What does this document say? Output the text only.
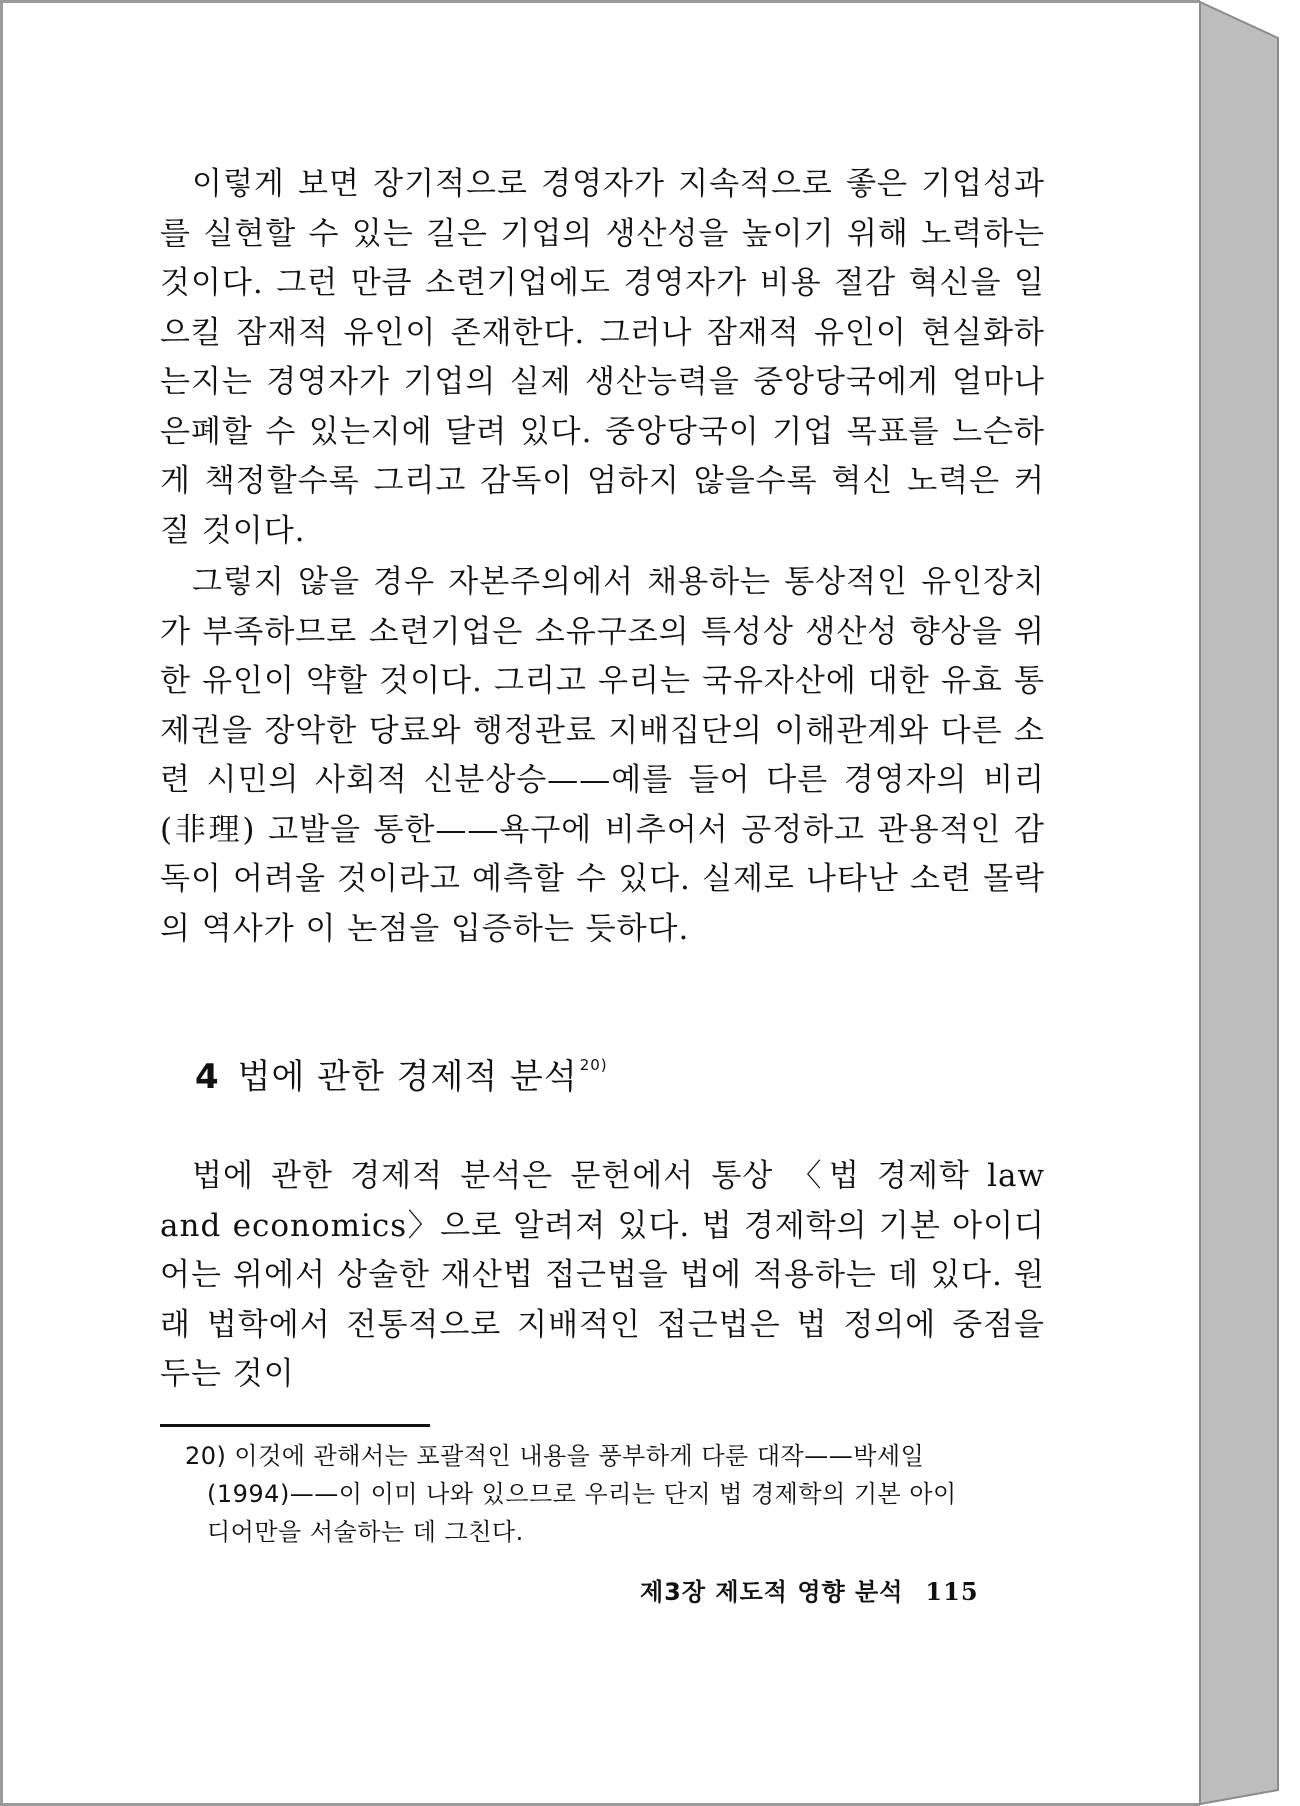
이렇게 보면 장기적으로 경영자가 지속적으로 좋은 기업성과를 실현할 수 있는 길은 기업의 생산성을 높이기 위해 노력하는 것이다. 그런 만큼 소련기업에도 경영자가 비용 절감 혁신을 일으킬 잠재적 유인이 존재한다. 그러나 잠재적 유인이 현실화하는지는 경영자가 기업의 실제 생산능력을 중앙당국에게 얼마나 은폐할 수 있는지에 달려 있다. 중앙당국이 기업 목표를 느슨하게 책정할수록 그리고 감독이 엄하지 않을수록 혁신 노력은 커질 것이다.

그렇지 않을 경우 자본주의에서 채용하는 통상적인 유인장치가 부족하므로 소련기업은 소유구조의 특성상 생산성 향상을 위한 유인이 약할 것이다. 그리고 우리는 국유자산에 대한 유효 통제권을 장악한 당료와 행정관료 지배집단의 이해관계와 다른 소련 시민의 사회적 신분상승——예를 들어 다른 경영자의 비리(非理) 고발을 통한——욕구에 비추어서 공정하고 관용적인 감독이 어려울 것이라고 예측할 수 있다. 실제로 나타난 소련 몰락의 역사가 이 논점을 입증하는 듯하다.

4 법에 관한 경제적 분석 $^{20)}$

법에 관한 경제적 분석은 문헌에서 통상 〈법 경제학 law and economics〉으로 알려져 있다. 법 경제학의 기본 아이디어는 위에서 상술한 재산법 접근법을 법에 적용하는 데 있다. 원래 법학에서 전통적으로 지배적인 접근법은 법 정의에 중점을 두는 것이

20) 이것에 관해서는 포괄적인 내용을 풍부하게 다룬 대작——박세일
(1994)——이 이미 나와 있으므로 우리는 단지 법 경제학의 기본 아이
디어만을 서술하는 데 그친다.
제3장 제도적 영향 분석 115
